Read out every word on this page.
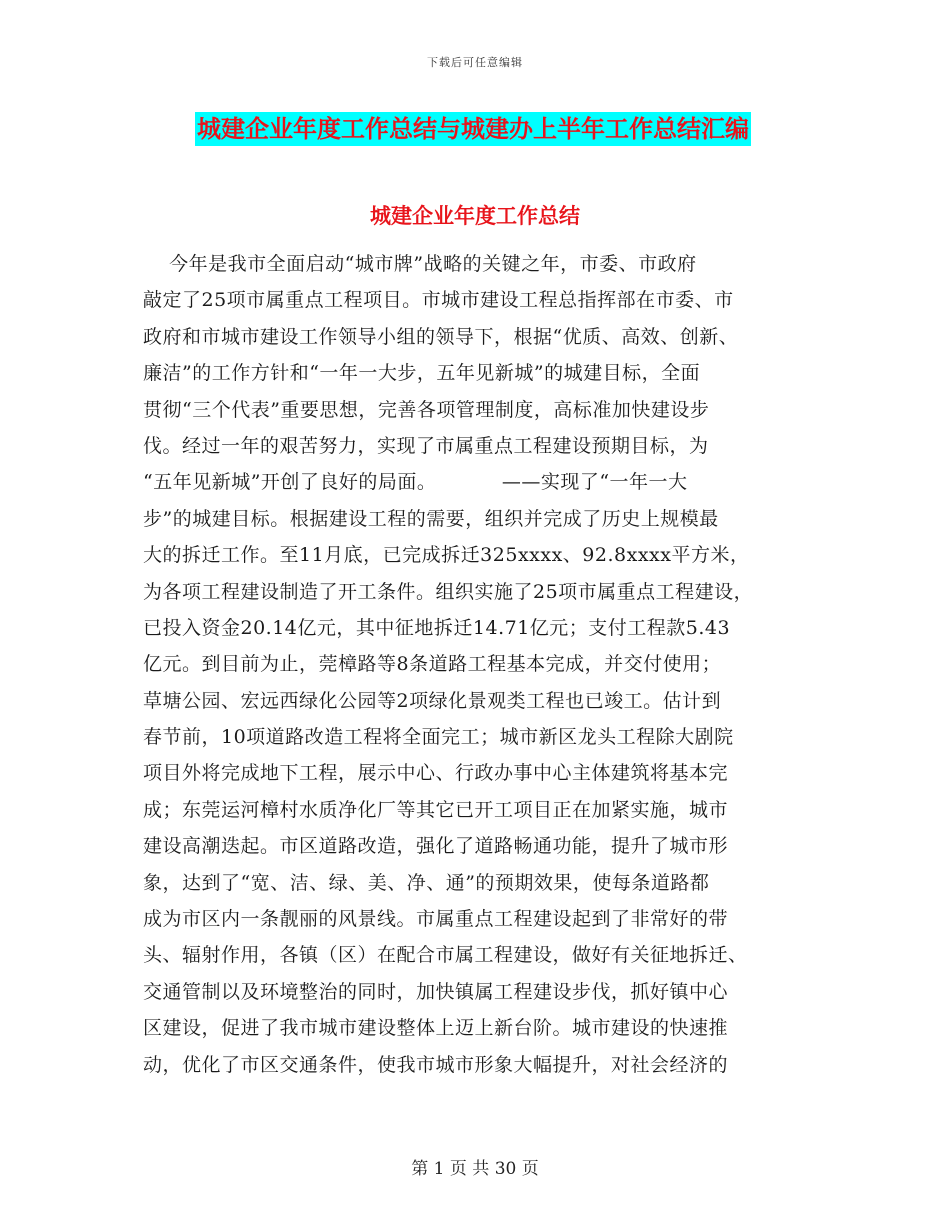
下载后可任意编辑
城建企业年度工作总结与城建办上半年工作总结汇编
城建企业年度工作总结
今年是我市全面启动“城市牌”战略的关键之年，市委、市政府
敲定了25项市属重点工程项目。市城市建设工程总指挥部在市委、市
政府和市城市建设工作领导小组的领导下，根据“优质、高效、创新、
廉洁”的工作方针和“一年一大步，五年见新城”的城建目标，全面
贯彻“三个代表”重要思想，完善各项管理制度，高标准加快建设步
伐。经过一年的艰苦努力，实现了市属重点工程建设预期目标，为
“五年见新城”开创了良好的局面。          ——实现了“一年一大
步”的城建目标。根据建设工程的需要，组织并完成了历史上规模最
大的拆迁工作。至11月底，已完成拆迁325xxxx、92.8xxxx平方米，
为各项工程建设制造了开工条件。组织实施了25项市属重点工程建设，
已投入资金20.14亿元，其中征地拆迁14.71亿元；支付工程款5.43
亿元。到目前为止，莞樟路等8条道路工程基本完成，并交付使用；
草塘公园、宏远西绿化公园等2项绿化景观类工程也已竣工。估计到
春节前，10项道路改造工程将全面完工；城市新区龙头工程除大剧院
项目外将完成地下工程，展示中心、行政办事中心主体建筑将基本完
成；东莞运河樟村水质净化厂等其它已开工项目正在加紧实施，城市
建设高潮迭起。市区道路改造，强化了道路畅通功能，提升了城市形
象，达到了“宽、洁、绿、美、净、通”的预期效果，使每条道路都
成为市区内一条靓丽的风景线。市属重点工程建设起到了非常好的带
头、辐射作用，各镇（区）在配合市属工程建设，做好有关征地拆迁、
交通管制以及环境整治的同时，加快镇属工程建设步伐，抓好镇中心
区建设，促进了我市城市建设整体上迈上新台阶。城市建设的快速推
动，优化了市区交通条件，使我市城市形象大幅提升，对社会经济的
第 1 页 共 30 页
